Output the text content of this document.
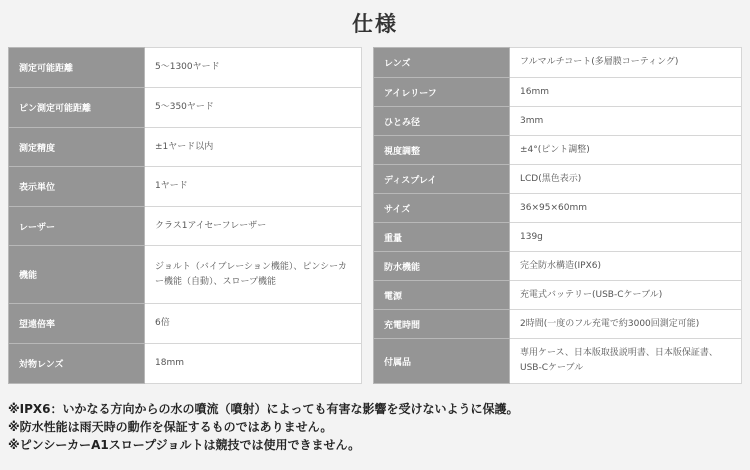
仕様
測定可能距離	5〜1300ヤード
ピン測定可能距離	5〜350ヤード
測定精度	±1ヤード以内
表示単位	1ヤード
レーザー	クラス1アイセーフレーザー
機能	ジョルト（バイブレーション機能）、ピンシーカー機能（自動）、スロープ機能
望遠倍率	6倍
対物レンズ	18mm
レンズ	フルマルチコート(多層膜コーティング)
アイレリーフ	16mm
ひとみ径	3mm
視度調整	±4°(ピント調整)
ディスプレイ	LCD(黒色表示)
サイズ	36×95×60mm
重量	139g
防水機能	完全防水構造(IPX6)
電源	充電式バッテリー(USB-Cケーブル)
充電時間	2時間(一度のフル充電で約3000回測定可能)
付属品	専用ケース、日本版取扱説明書、日本版保証書、USB-Cケーブル
※IPX6：いかなる方向からの水の噴流（噴射）によっても有害な影響を受けないように保護。
※防水性能は雨天時の動作を保証するものではありません。
※ピンシーカーA1スロープジョルトは競技では使用できません。
